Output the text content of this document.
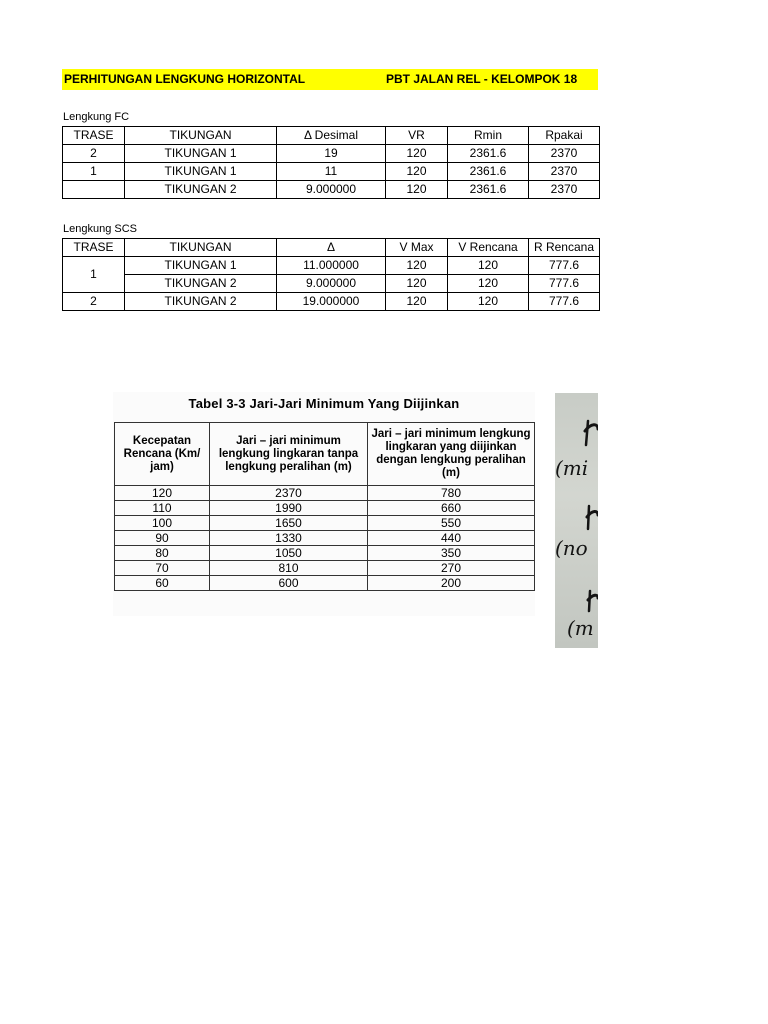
PERHITUNGAN LENGKUNG HORIZONTAL	PBT JALAN REL - KELOMPOK 18
Lengkung FC
TRASE	TIKUNGAN	Δ Desimal	VR	Rmin	Rpakai
2	TIKUNGAN 1	19	120	2361.6	2370
1	TIKUNGAN 1	11	120	2361.6	2370
	TIKUNGAN 2	9.000000	120	2361.6	2370
Lengkung SCS
TRASE	TIKUNGAN	Δ	V Max	V Rencana	R Rencana
1	TIKUNGAN 1	11.000000	120	120	777.6
	TIKUNGAN 2	9.000000	120	120	777.6
2	TIKUNGAN 2	19.000000	120	120	777.6
Tabel 3-3 Jari-Jari Minimum Yang Diijinkan
Kecepatan Rencana (Km/ jam)	Jari – jari minimum lengkung lingkaran tanpa lengkung peralihan (m)	Jari – jari minimum lengkung lingkaran yang diijinkan dengan lengkung peralihan (m)
120	2370	780
110	1990	660
100	1650	550
90	1330	440
80	1050	350
70	810	270
60	600	200
(mi
(no
(m
